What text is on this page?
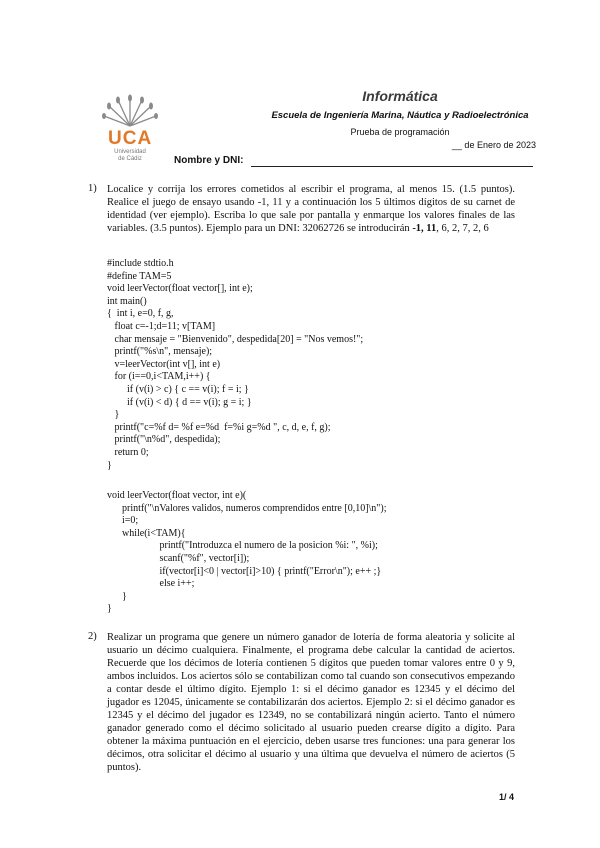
UCA
Universidad
de Cádiz
Informática
Escuela de Ingeniería Marina, Náutica y Radioelectrónica
Prueba de programación
__ de Enero de 2023
Nombre y DNI:
1) Localice y corrija los errores cometidos al escribir el programa, al menos 15. (1.5 puntos). Realice el juego de ensayo usando -1, 11 y a continuación los 5 últimos dígitos de su carnet de identidad (ver ejemplo). Escriba lo que sale por pantalla y enmarque los valores finales de las variables. (3.5 puntos). Ejemplo para un DNI: 32062726 se introducirán -1, 11, 6, 2, 7, 2, 6
#include stdtio.h
#define TAM=5
void leerVector(float vector[], int e);
int main()
{  int i, e=0, f, g,
float c=-1;d=11; v[TAM]
char mensaje = "Bienvenido", despedida[20] = "Nos vemos!";
printf("%s\n", mensaje);
v=leerVector(int v[], int e)
for (i==0,i<TAM,i++) {
if (v(i) > c) { c == v(i); f = i; }
if (v(i) < d) { d == v(i); g = i; }
}
printf("c=%f d= %f e=%d  f=%i g=%d ", c, d, e, f, g);
printf("\n%d", despedida);
return 0;
}
void leerVector(float vector, int e)(
printf("\nValores validos, numeros comprendidos entre [0,10]\n");
i=0;
while(i<TAM){
printf("Introduzca el numero de la posicion %i: ", %i);
scanf("%f", vector[i]);
if(vector[i]<0 | vector[i]>10) { printf("Error\n"); e++ ;}
else i++;
}
}
2) Realizar un programa que genere un número ganador de lotería de forma aleatoria y solicite al usuario un décimo cualquiera. Finalmente, el programa debe calcular la cantidad de aciertos. Recuerde que los décimos de lotería contienen 5 dígitos que pueden tomar valores entre 0 y 9, ambos incluidos. Los aciertos sólo se contabilizan como tal cuando son consecutivos empezando a contar desde el último dígito. Ejemplo 1: si el décimo ganador es 12345 y el décimo del jugador es 12045, únicamente se contabilizarán dos aciertos. Ejemplo 2: si el décimo ganador es 12345 y el décimo del jugador es 12349, no se contabilizará ningún acierto. Tanto el número ganador generado como el décimo solicitado al usuario pueden crearse dígito a dígito. Para obtener la máxima puntuación en el ejercicio, deben usarse tres funciones: una para generar los décimos, otra solicitar el décimo al usuario y una última que devuelva el número de aciertos (5 puntos).
1/ 4
